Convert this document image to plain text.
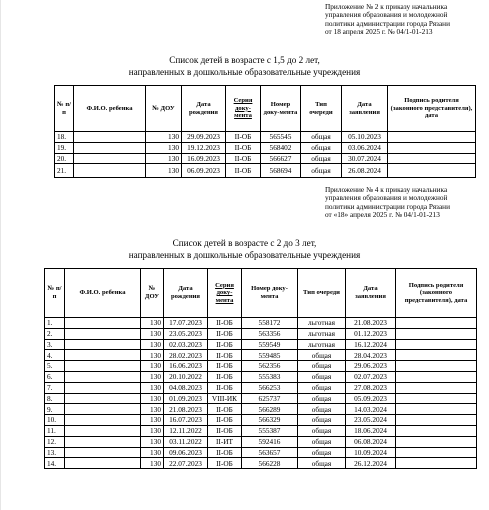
Приложение № 2 к приказу начальника
управления образования и молодежной
политики администрации города Рязани
от 18 апреля 2025 г. № 04/1-01-213
Список детей в возрасте с 1,5 до 2 лет,
направленных в дошкольные образовательные учреждения
№ п/п	Ф.И.О. ребенка	№ ДОУ	Дата рождения	Серия доку-мента	Номер доку-мента	Тип очереди	Дата заявления	Подпись родителя (законного представителя), дата
18.		130	29.09.2023	II-ОБ	565545	общая	05.10.2023	
19.		130	19.12.2023	II-ОБ	568402	общая	03.06.2024	
20.		130	16.09.2023	II-ОБ	566627	общая	30.07.2024	
21.		130	06.09.2023	II-ОБ	568694	общая	26.08.2024	
Приложение № 4 к приказу начальника
управления образования и молодежной
политики администрации города Рязани
от «18» апреля 2025 г. № 04/1-01-213
Список детей в возрасте с 2 до 3 лет,
направленных в дошкольные образовательные учреждения
№ п/п	Ф.И.О. ребенка	№ ДОУ	Дата рождения	Серия доку-мента	Номер доку-мента	Тип очереди	Дата заявления	Подпись родителя (законного представителя), дата
1.		130	17.07.2023	II-ОБ	558172	льготная	21.08.2023	
2.		130	23.05.2023	II-ОБ	563356	льготная	01.12.2023	
3.		130	02.03.2023	II-ОБ	559549	льготная	16.12.2024	
4.		130	28.02.2023	II-ОБ	559485	общая	28.04.2023	
5.		130	16.06.2023	II-ОБ	562356	общая	29.06.2023	
6.		130	20.10.2022	II-ОБ	555383	общая	02.07.2023	
7.		130	04.08.2023	II-ОБ	566253	общая	27.08.2023	
8.		130	01.09.2023	VIII-ИК	625737	общая	05.09.2023	
9.		130	21.08.2023	II-ОБ	566289	общая	14.03.2024	
10.		130	16.07.2023	II-ОБ	566329	общая	23.05.2024	
11.		130	12.11.2022	II-ОБ	555387	общая	18.06.2024	
12.		130	03.11.2022	II-ИТ	592416	общая	06.08.2024	
13.		130	09.06.2023	II-ОБ	563657	общая	10.09.2024	
14.		130	22.07.2023	II-ОБ	566228	общая	26.12.2024	
